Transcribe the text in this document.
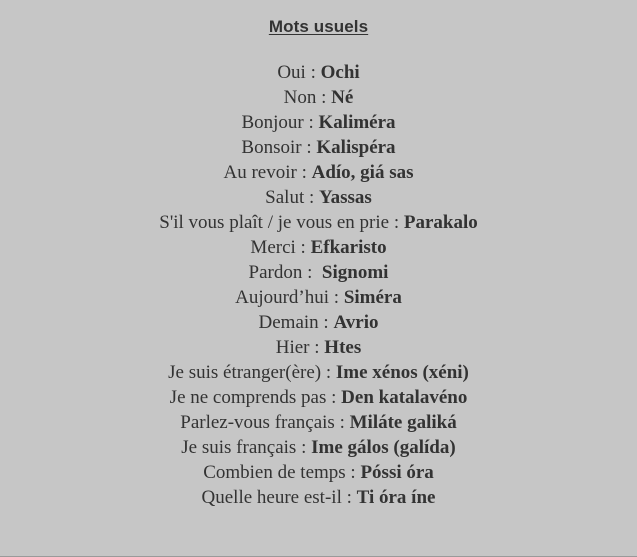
Mots usuels
Oui : Ochi
Non : Né
Bonjour : Kaliméra
Bonsoir : Kalispéra
Au revoir : Adío, giá sas
Salut : Yassas
S'il vous plaît / je vous en prie : Parakalo
Merci : Efkaristo
Pardon :  Signomi
Aujourd’hui : Siméra
Demain : Avrio
Hier : Htes
Je suis étranger(ère) : Ime xénos (xéni)
Je ne comprends pas : Den katalavéno
Parlez-vous français : Miláte galiká
Je suis français : Ime gálos (galída)
Combien de temps : Póssi óra
Quelle heure est-il : Ti óra íne
